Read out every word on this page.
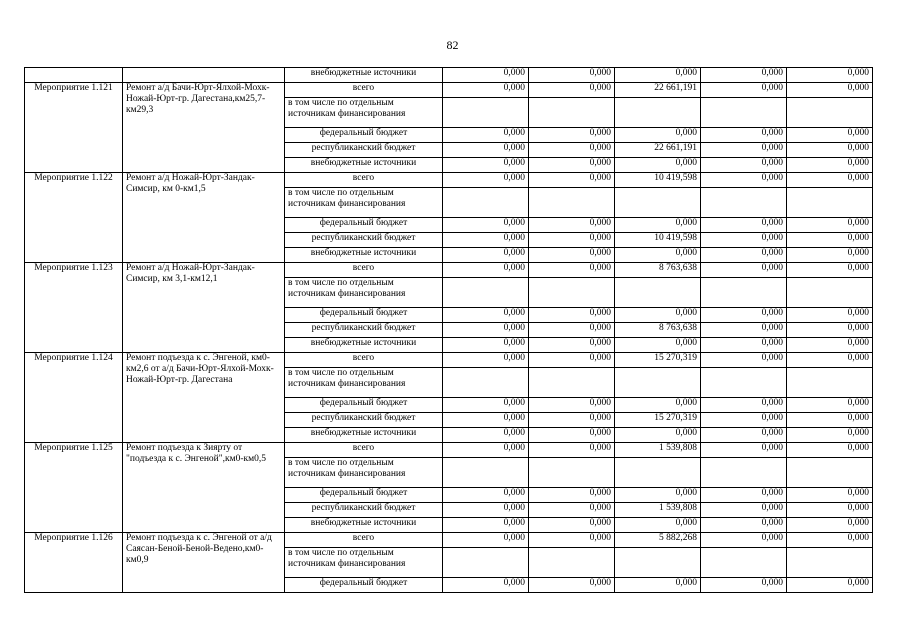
82
		внебюджетные источники	0,000	0,000	0,000	0,000	0,000
Мероприятие 1.121	Ремонт а/д Бачи-Юрт-Ялхой-Мохк-Ножай-Юрт-гр. Дагестана,км25,7-км29,3	всего	0,000	0,000	22 661,191	0,000	0,000
		в том числе по отдельным источникам финансирования					
		федеральный бюджет	0,000	0,000	0,000	0,000	0,000
		республиканский бюджет	0,000	0,000	22 661,191	0,000	0,000
		внебюджетные источники	0,000	0,000	0,000	0,000	0,000
Мероприятие 1.122	Ремонт а/д Ножай-Юрт-Зандак-Симсир, км 0-км1,5	всего	0,000	0,000	10 419,598	0,000	0,000
		в том числе по отдельным источникам финансирования					
		федеральный бюджет	0,000	0,000	0,000	0,000	0,000
		республиканский бюджет	0,000	0,000	10 419,598	0,000	0,000
		внебюджетные источники	0,000	0,000	0,000	0,000	0,000
Мероприятие 1.123	Ремонт а/д Ножай-Юрт-Зандак-Симсир, км 3,1-км12,1	всего	0,000	0,000	8 763,638	0,000	0,000
		в том числе по отдельным источникам финансирования					
		федеральный бюджет	0,000	0,000	0,000	0,000	0,000
		республиканский бюджет	0,000	0,000	8 763,638	0,000	0,000
		внебюджетные источники	0,000	0,000	0,000	0,000	0,000
Мероприятие 1.124	Ремонт подъезда к с. Энгеной, км0-км2,6 от а/д Бачи-Юрт-Ялхой-Мохк-Ножай-Юрт-гр. Дагестана	всего	0,000	0,000	15 270,319	0,000	0,000
		в том числе по отдельным источникам финансирования					
		федеральный бюджет	0,000	0,000	0,000	0,000	0,000
		республиканский бюджет	0,000	0,000	15 270,319	0,000	0,000
		внебюджетные источники	0,000	0,000	0,000	0,000	0,000
Мероприятие 1.125	Ремонт подъезда к Зиярту от "подъезда к с. Энгеной",км0-км0,5	всего	0,000	0,000	1 539,808	0,000	0,000
		в том числе по отдельным источникам финансирования					
		федеральный бюджет	0,000	0,000	0,000	0,000	0,000
		республиканский бюджет	0,000	0,000	1 539,808	0,000	0,000
		внебюджетные источники	0,000	0,000	0,000	0,000	0,000
Мероприятие 1.126	Ремонт подъезда к с. Энгеной от а/д Саясан-Беной-Беной-Ведено,км0-км0,9	всего	0,000	0,000	5 882,268	0,000	0,000
		в том числе по отдельным источникам финансирования					
		федеральный бюджет	0,000	0,000	0,000	0,000	0,000
